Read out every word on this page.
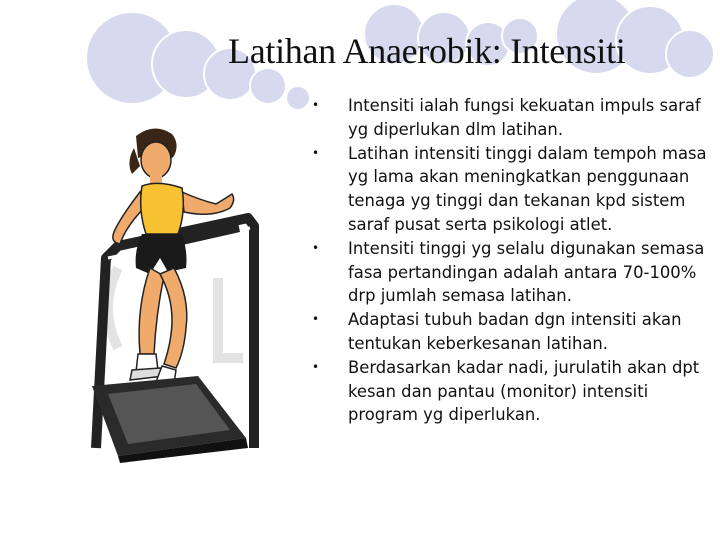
Latihan Anaerobik: Intensiti
• Intensiti ialah fungsi kekuatan impuls saraf yg diperlukan dlm latihan.
• Latihan intensiti tinggi dalam tempoh masa yg lama akan meningkatkan penggunaan tenaga yg tinggi dan tekanan kpd sistem saraf pusat serta psikologi atlet.
• Intensiti tinggi yg selalu digunakan semasa fasa pertandingan adalah antara 70-100% drp jumlah semasa latihan.
• Adaptasi tubuh badan dgn intensiti akan tentukan keberkesanan latihan.
• Berdasarkan kadar nadi, jurulatih akan dpt kesan dan pantau (monitor) intensiti program yg diperlukan.
